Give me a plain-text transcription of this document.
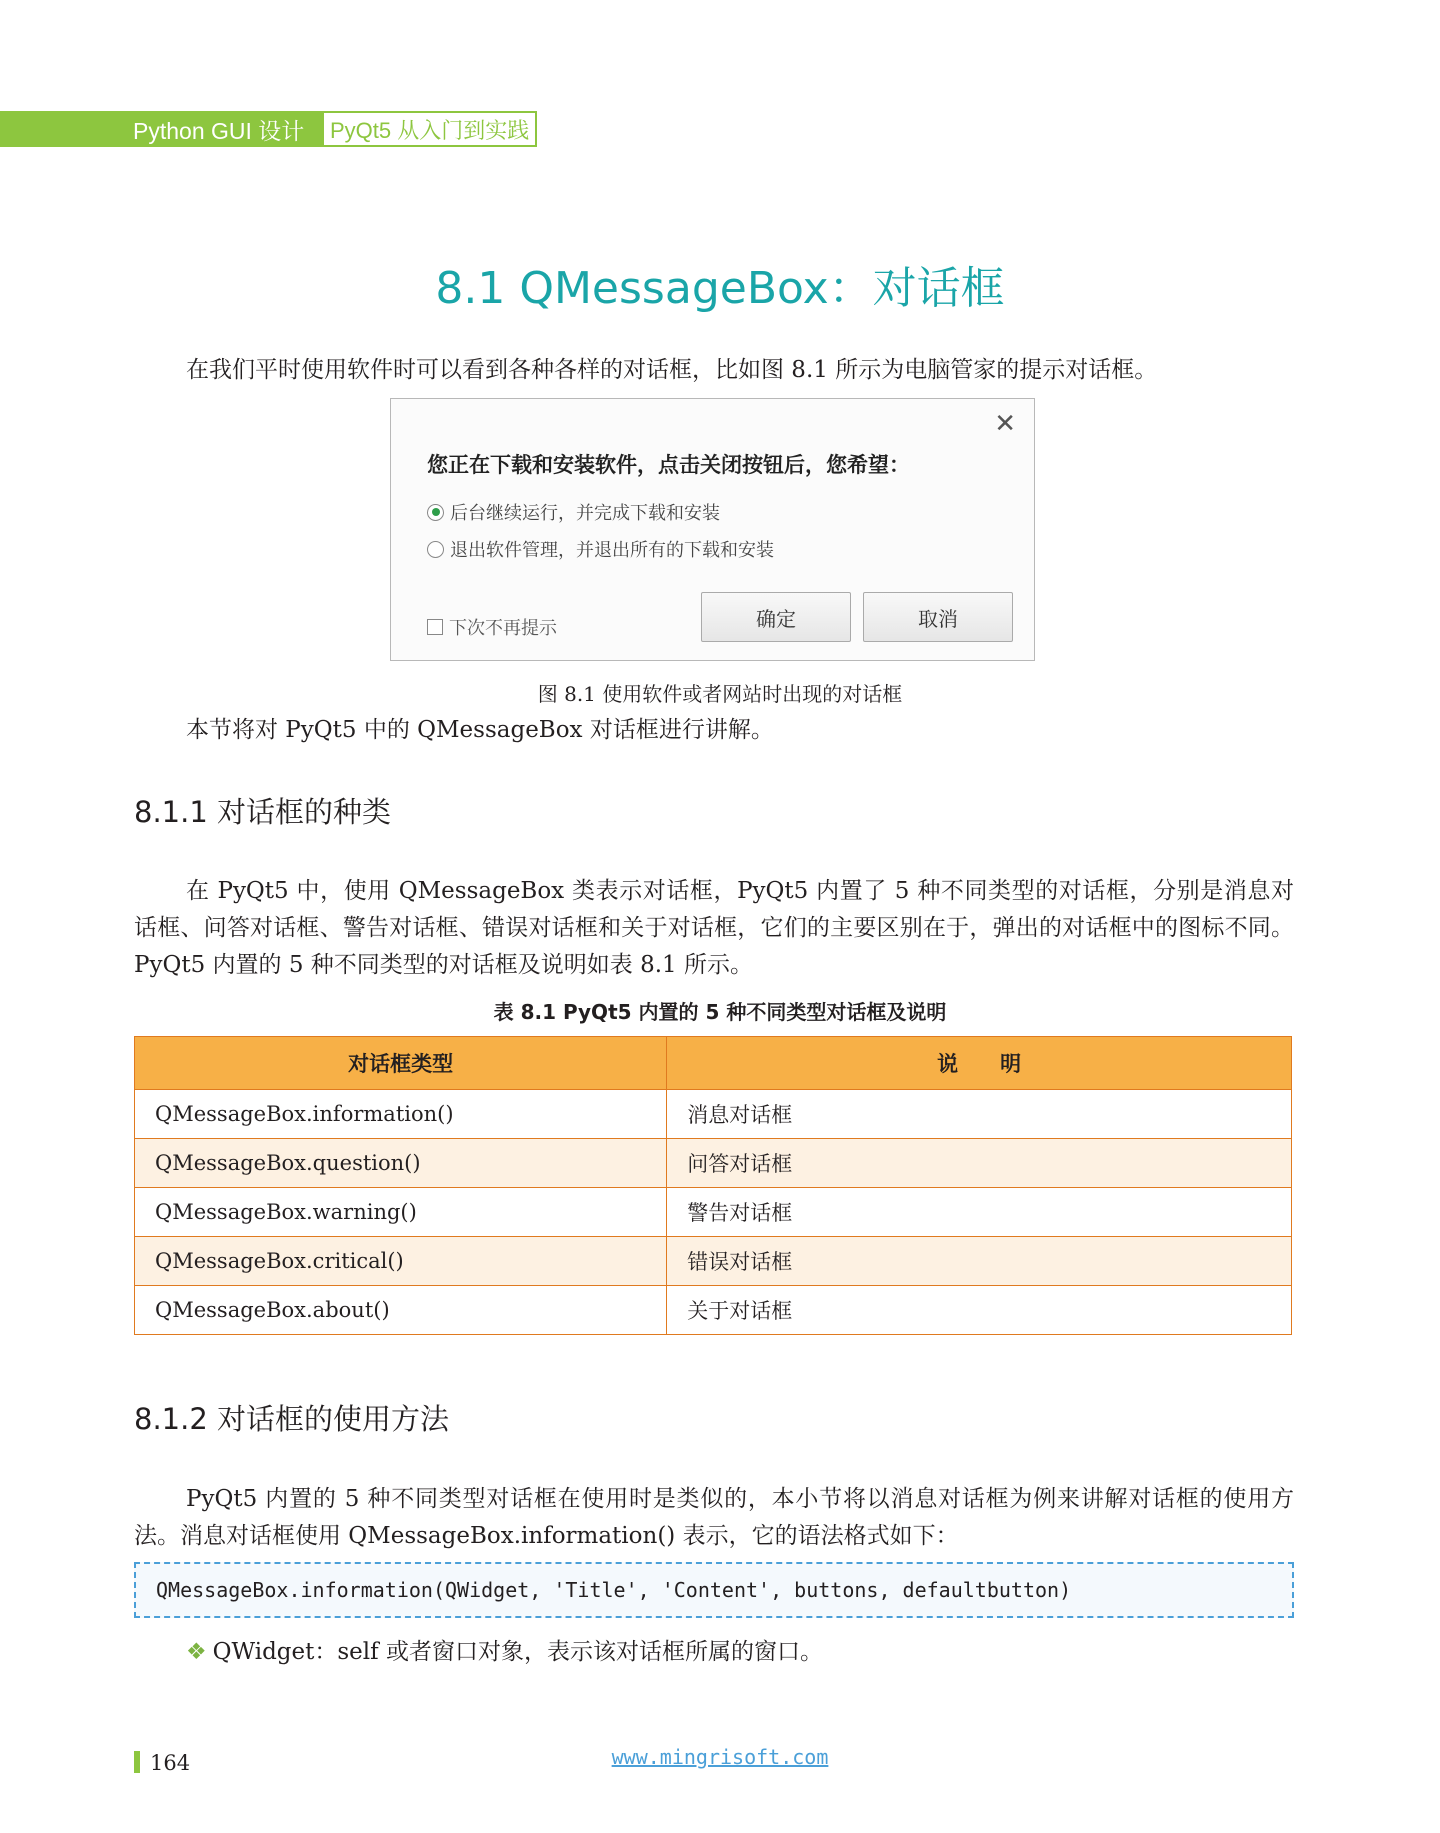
Python GUI 设计	PyQt5 从入门到实践
8.1 QMessageBox：对话框
在我们平时使用软件时可以看到各种各样的对话框，比如图 8.1 所示为电脑管家的提示对话框。
✕
您正在下载和安装软件，点击关闭按钮后，您希望：
后台继续运行，并完成下载和安装
退出软件管理，并退出所有的下载和安装
下次不再提示	确定	取消
图 8.1 使用软件或者网站时出现的对话框
本节将对 PyQt5 中的 QMessageBox 对话框进行讲解。
8.1.1 对话框的种类
在 PyQt5 中，使用 QMessageBox 类表示对话框，PyQt5 内置了 5 种不同类型的对话框，分别是消息对话框、问答对话框、警告对话框、错误对话框和关于对话框，它们的主要区别在于，弹出的对话框中的图标不同。PyQt5 内置的 5 种不同类型的对话框及说明如表 8.1 所示。
表 8.1 PyQt5 内置的 5 种不同类型对话框及说明
对话框类型	说　　明
QMessageBox.information()	消息对话框
QMessageBox.question()	问答对话框
QMessageBox.warning()	警告对话框
QMessageBox.critical()	错误对话框
QMessageBox.about()	关于对话框
8.1.2 对话框的使用方法
PyQt5 内置的 5 种不同类型对话框在使用时是类似的，本小节将以消息对话框为例来讲解对话框的使用方法。消息对话框使用 QMessageBox.information() 表示，它的语法格式如下：
QMessageBox.information(QWidget, 'Title', 'Content', buttons, defaultbutton)
❖ QWidget：self 或者窗口对象，表示该对话框所属的窗口。
164	www.mingrisoft.com
